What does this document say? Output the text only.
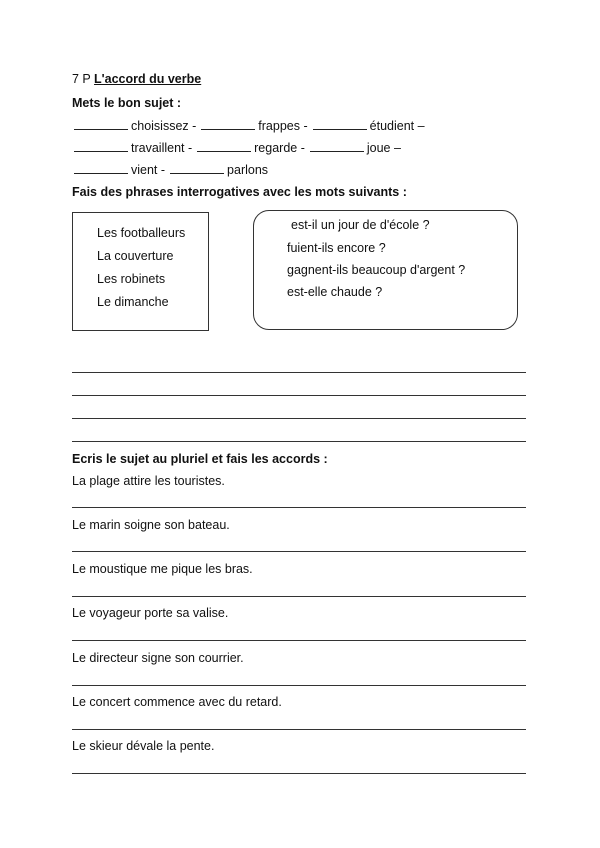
7 P L'accord du verbe
Mets le bon sujet :
choisissez -	frappes -	étudient –
travaillent -	regarde -	joue –
vient -	parlons
Fais des phrases interrogatives avec les mots suivants :
Les footballeurs
La couverture
Les robinets
Le dimanche
est-il un jour de d'école ?
fuient-ils encore ?
gagnent-ils beaucoup d'argent ?
est-elle chaude ?
Ecris le sujet au pluriel et fais les accords :
La plage attire les touristes.
Le marin soigne son bateau.
Le moustique me pique les bras.
Le voyageur porte sa valise.
Le directeur signe son courrier.
Le concert commence avec du retard.
Le skieur dévale la pente.
